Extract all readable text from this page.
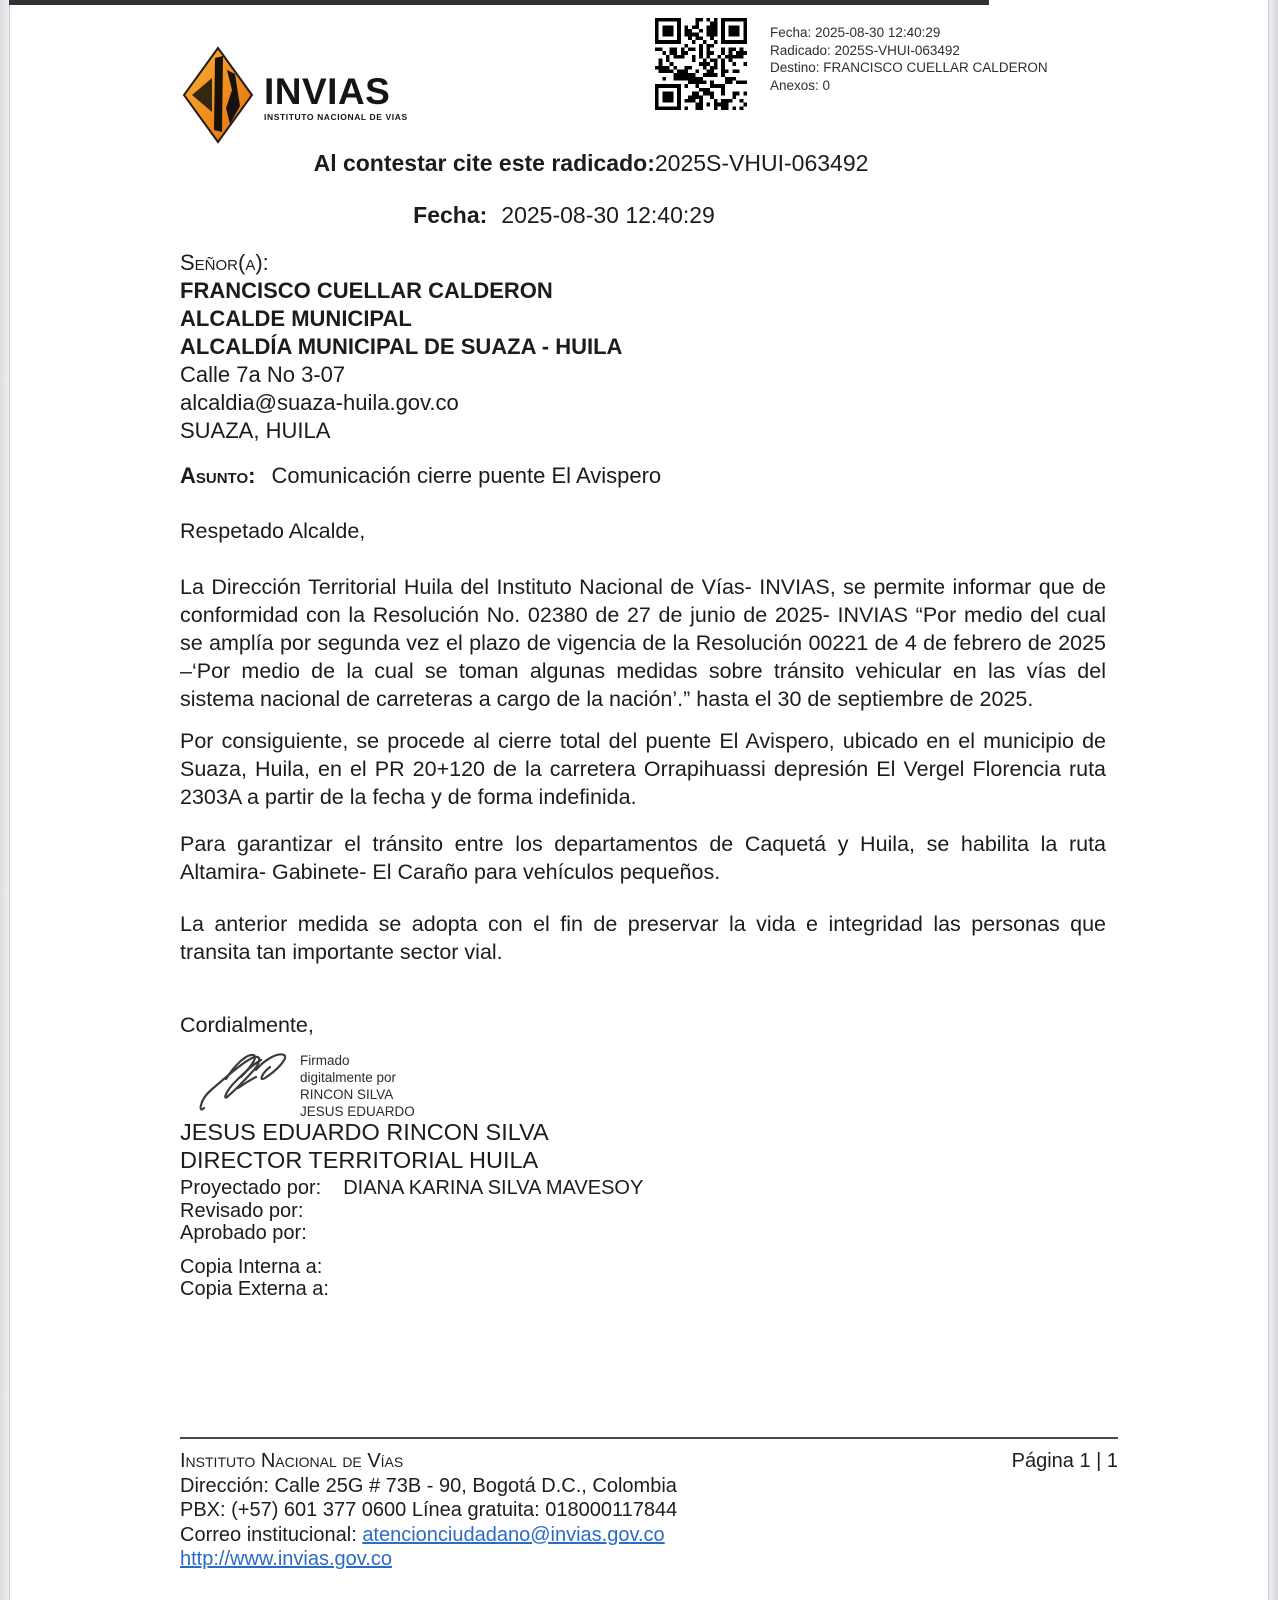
INVIAS
INSTITUTO NACIONAL DE VIAS
Fecha: 2025-08-30 12:40:29
Radicado: 2025S-VHUI-063492
Destino: FRANCISCO CUELLAR CALDERON
Anexos: 0
Al contestar cite este radicado:2025S-VHUI-063492
Fecha: 2025-08-30 12:40:29
Señor(a):
FRANCISCO CUELLAR CALDERON
ALCALDE MUNICIPAL
ALCALDÍA MUNICIPAL DE SUAZA - HUILA
Calle 7a No 3-07
alcaldia@suaza-huila.gov.co
SUAZA, HUILA
Asunto: Comunicación cierre puente El Avispero
Respetado Alcalde,
La Dirección Territorial Huila del Instituto Nacional de Vías- INVIAS, se permite informar que de conformidad con la Resolución No. 02380 de 27 de junio de 2025- INVIAS “Por medio del cual se amplía por segunda vez el plazo de vigencia de la Resolución 00221 de 4 de febrero de 2025 –‘Por medio de la cual se toman algunas medidas sobre tránsito vehicular en las vías del sistema nacional de carreteras a cargo de la nación’.” hasta el 30 de septiembre de 2025.
Por consiguiente, se procede al cierre total del puente El Avispero, ubicado en el municipio de Suaza, Huila, en el PR 20+120 de la carretera Orrapihuassi depresión El Vergel Florencia ruta 2303A a partir de la fecha y de forma indefinida.
Para garantizar el tránsito entre los departamentos de Caquetá y Huila, se habilita la ruta Altamira- Gabinete- El Caraño para vehículos pequeños.
La anterior medida se adopta con el fin de preservar la vida e integridad las personas que transita tan importante sector vial.
Cordialmente,
Firmado
digitalmente por
RINCON SILVA
JESUS EDUARDO
JESUS EDUARDO RINCON SILVA
DIRECTOR TERRITORIAL HUILA
Proyectado por: DIANA KARINA SILVA MAVESOY
Revisado por:
Aprobado por:
Copia Interna a:
Copia Externa a:
Instituto Nacional de Vías	Página 1 | 1
Dirección: Calle 25G # 73B - 90, Bogotá D.C., Colombia
PBX: (+57) 601 377 0600 Línea gratuita: 018000117844
Correo institucional: atencionciudadano@invias.gov.co
http://www.invias.gov.co
